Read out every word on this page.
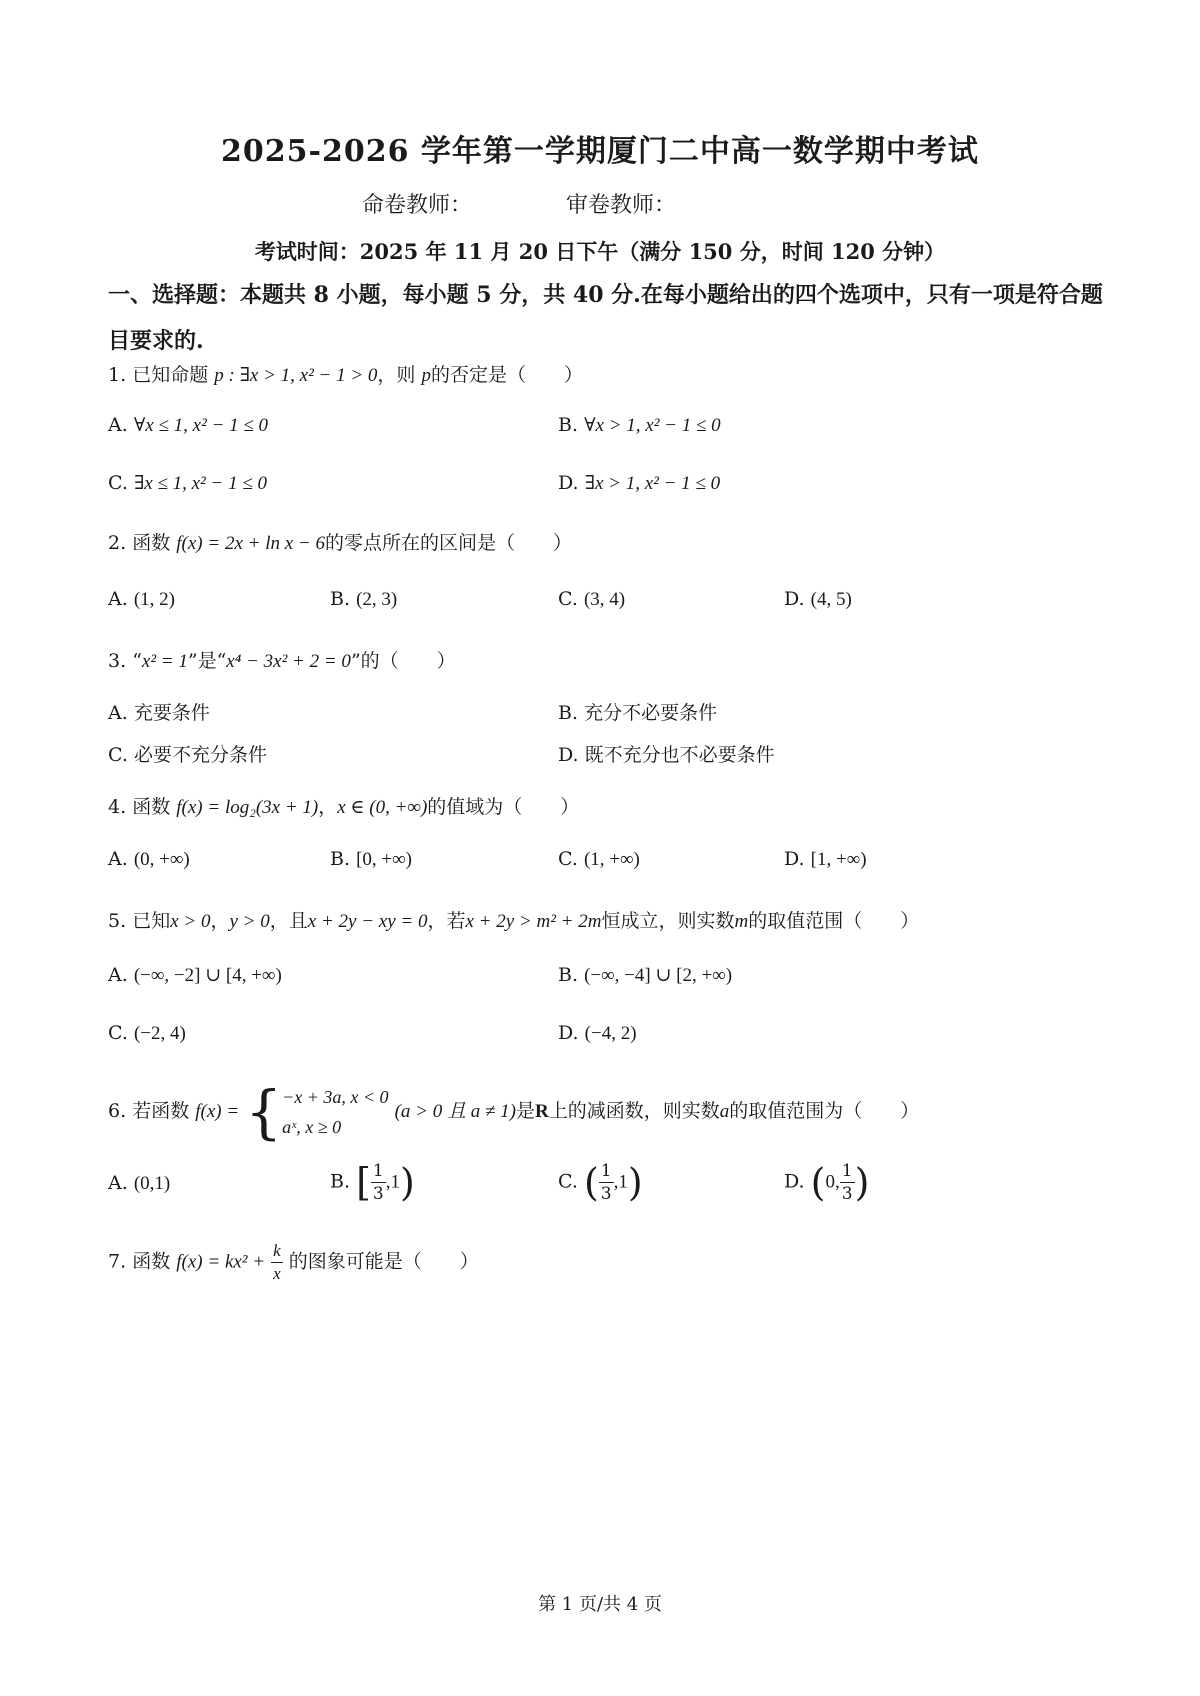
2025-2026 学年第一学期厦门二中高一数学期中考试
命卷教师：	审卷教师：
考试时间：2025 年 11 月 20 日下午（满分 150 分，时间 120 分钟）
一、选择题：本题共 8 小题，每小题 5 分，共 40 分.在每小题给出的四个选项中，只有一项是符合题目要求的.
1. 已知命题 p : ∃x > 1, x² − 1 > 0，则 p的否定是（　　）
A. ∀x ≤ 1, x² − 1 ≤ 0	B. ∀x > 1, x² − 1 ≤ 0
C. ∃x ≤ 1, x² − 1 ≤ 0	D. ∃x > 1, x² − 1 ≤ 0
2. 函数 f(x) = 2x + ln x − 6的零点所在的区间是（　　）
A. (1, 2)	B. (2, 3)	C. (3, 4)	D. (4, 5)
3. “x² = 1”是“x⁴ − 3x² + 2 = 0”的（　　）
A. 充要条件	B. 充分不必要条件
C. 必要不充分条件	D. 既不充分也不必要条件
4. 函数 f(x) = log₂(3x + 1)，x ∈ (0, +∞)的值域为（　　）
A. (0, +∞)	B. [0, +∞)	C. (1, +∞)	D. [1, +∞)
5. 已知x > 0，y > 0，且x + 2y − xy = 0，若x + 2y > m² + 2m恒成立，则实数m的取值范围（　　）
A. (−∞, −2] ∪ [4, +∞)	B. (−∞, −4] ∪ [2, +∞)
C. (−2, 4)	D. (−4, 2)
6. 若函数 f(x) = { −x + 3a, x < 0
aˣ, x ≥ 0
(a > 0 且 a ≠ 1)是R上的减函数，则实数a的取值范围为（　　）
A. (0,1)	B. [ $\frac{1}{3} ,1$)	C. ( $\frac{1}{3} ,1$)	D. (0, $\frac{1}{3}$ )
7. 函数 $f(x) = kx^2 + \frac{k}{x}$ 的图象可能是（　　）
第 1 页/共 4 页
